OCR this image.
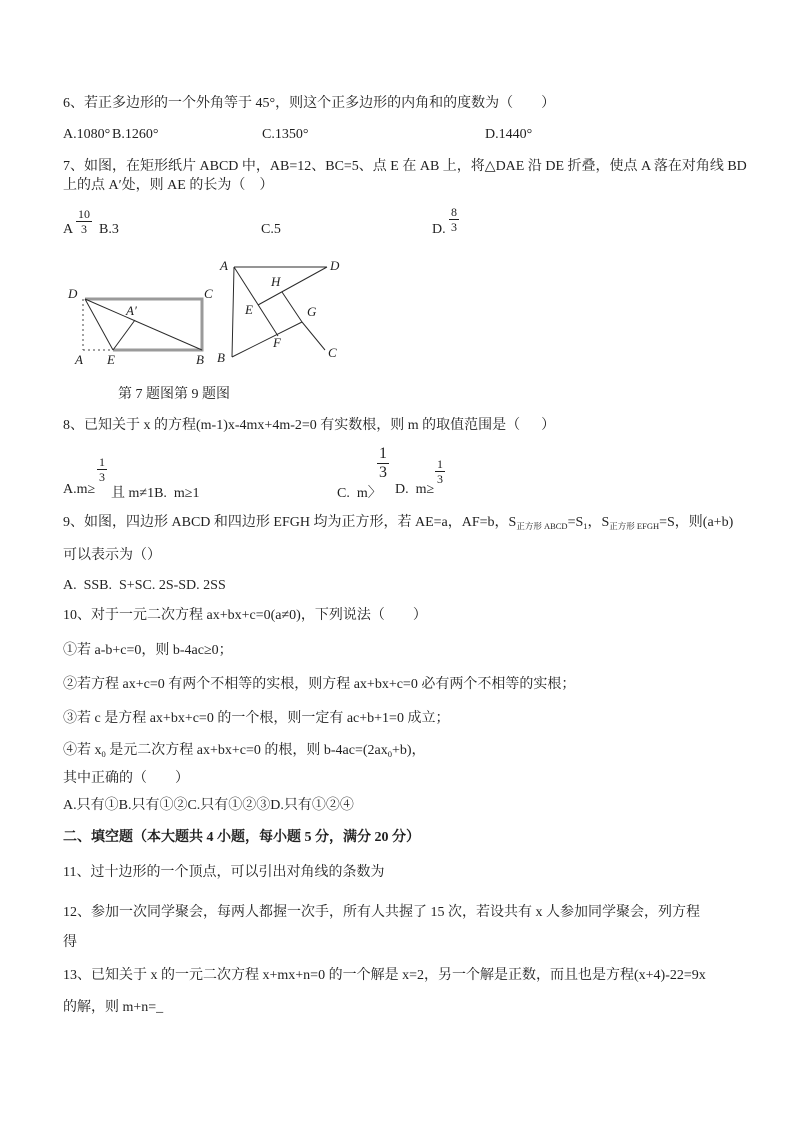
6、若正多边形的一个外角等于 45°，则这个正多边形的内角和的度数为（        ）
A.1080° B.1260°	C.1350°	D.1440°
7、如图，在矩形纸片 ABCD 中，AB=12、BC=5、点 E 在 AB 上，将△DAE 沿 DE 折叠，使点 A 落在对角线 BD
上的点 A′处，则 AE 的长为（    ）
A $\frac{10}{3} B.3$	C.5	D. $\frac{8}{3}$
D	C
A′
A E	B
A	D
H
E	G
F
B	C
第 7 题图第 9 题图
8、已知关于 x 的方程(m-1)x-4mx+4m-2=0 有实数根，则 m 的取值范围是（      ）
A.m≥
$\frac{1}{3}$
且 m≠1B.  m≥1	C.  m〉
$\frac{1}{3}$
D.  m≥
$\frac{1}{3}$
9、如图，四边形 ABCD 和四边形 EFGH 均为正方形，若 AE=a，AF=b，$S_{正方形 ABCD}=S_1$，$S_{正方形 EFGH}=S$，则(a+b)
可以表示为（）
A.  SSB.  S+SC. 2S-SD. 2SS
10、对于一元二次方程 ax+bx+c=0(a≠0)，下列说法（        ）
①若 a-b+c=0，则 b-4ac≥0；
②若方程 ax+c=0 有两个不相等的实根，则方程 ax+bx+c=0 必有两个不相等的实根；
③若 c 是方程 ax+bx+c=0 的一个根，则一定有 ac+b+1=0 成立；
④若 $x_0$ 是元二次方程 ax+bx+c=0 的根，则 $b-4ac=(2ax_0+b)$，
其中正确的（        ）
A.只有①B.只有①②C.只有①②③D.只有①②④
二、填空题（本大题共 4 小题，每小题 5 分，满分 20 分）
11、过十边形的一个顶点，可以引出对角线的条数为
12、参加一次同学聚会，每两人都握一次手，所有人共握了 15 次，若设共有 x 人参加同学聚会，列方程
得
13、已知关于 x 的一元二次方程 x+mx+n=0 的一个解是 x=2，另一个解是正数，而且也是方程(x+4)-22=9x
的解，则 m+n=_
